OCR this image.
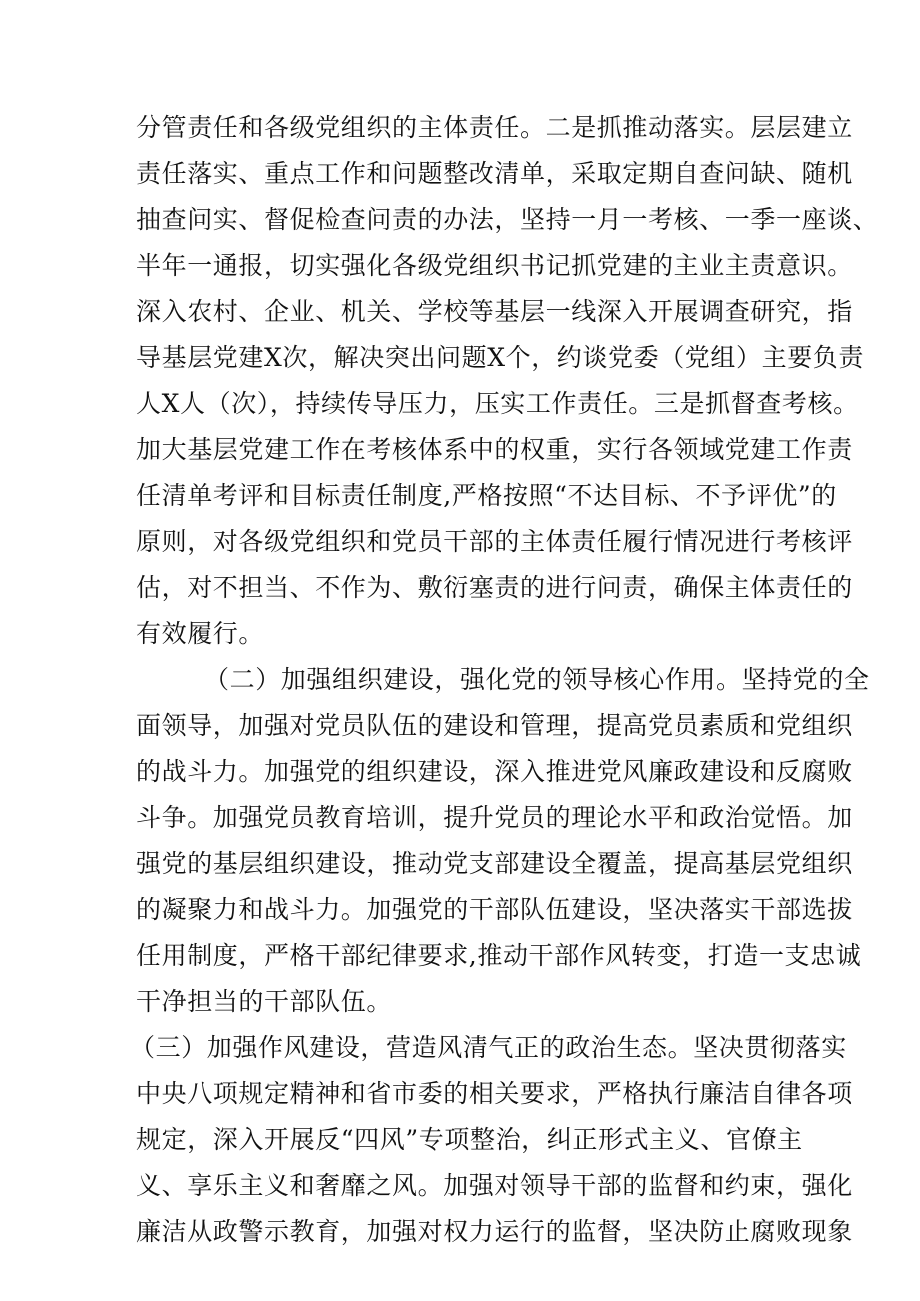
分管责任和各级党组织的主体责任。二是抓推动落实。层层建立
责任落实、重点工作和问题整改清单，采取定期自查问缺、随机
抽查问实、督促检查问责的办法，坚持一月一考核、一季一座谈、
半年一通报，切实强化各级党组织书记抓党建的主业主责意识。
深入农村、企业、机关、学校等基层一线深入开展调查研究，指
导基层党建X次，解决突出问题X个，约谈党委（党组）主要负责
人X人（次），持续传导压力，压实工作责任。三是抓督查考核。
加大基层党建工作在考核体系中的权重，实行各领域党建工作责
任清单考评和目标责任制度,严格按照“不达目标、不予评优”的
原则，对各级党组织和党员干部的主体责任履行情况进行考核评
估，对不担当、不作为、敷衍塞责的进行问责，确保主体责任的
有效履行。
（二）加强组织建设，强化党的领导核心作用。坚持党的全
面领导，加强对党员队伍的建设和管理，提高党员素质和党组织
的战斗力。加强党的组织建设，深入推进党风廉政建设和反腐败
斗争。加强党员教育培训，提升党员的理论水平和政治觉悟。加
强党的基层组织建设，推动党支部建设全覆盖，提高基层党组织
的凝聚力和战斗力。加强党的干部队伍建设，坚决落实干部选拔
任用制度，严格干部纪律要求,推动干部作风转变，打造一支忠诚
干净担当的干部队伍。
（三）加强作风建设，营造风清气正的政治生态。坚决贯彻落实
中央八项规定精神和省市委的相关要求，严格执行廉洁自律各项
规定，深入开展反“四风”专项整治，纠正形式主义、官僚主
义、享乐主义和奢靡之风。加强对领导干部的监督和约束，强化
廉洁从政警示教育，加强对权力运行的监督，坚决防止腐败现象
